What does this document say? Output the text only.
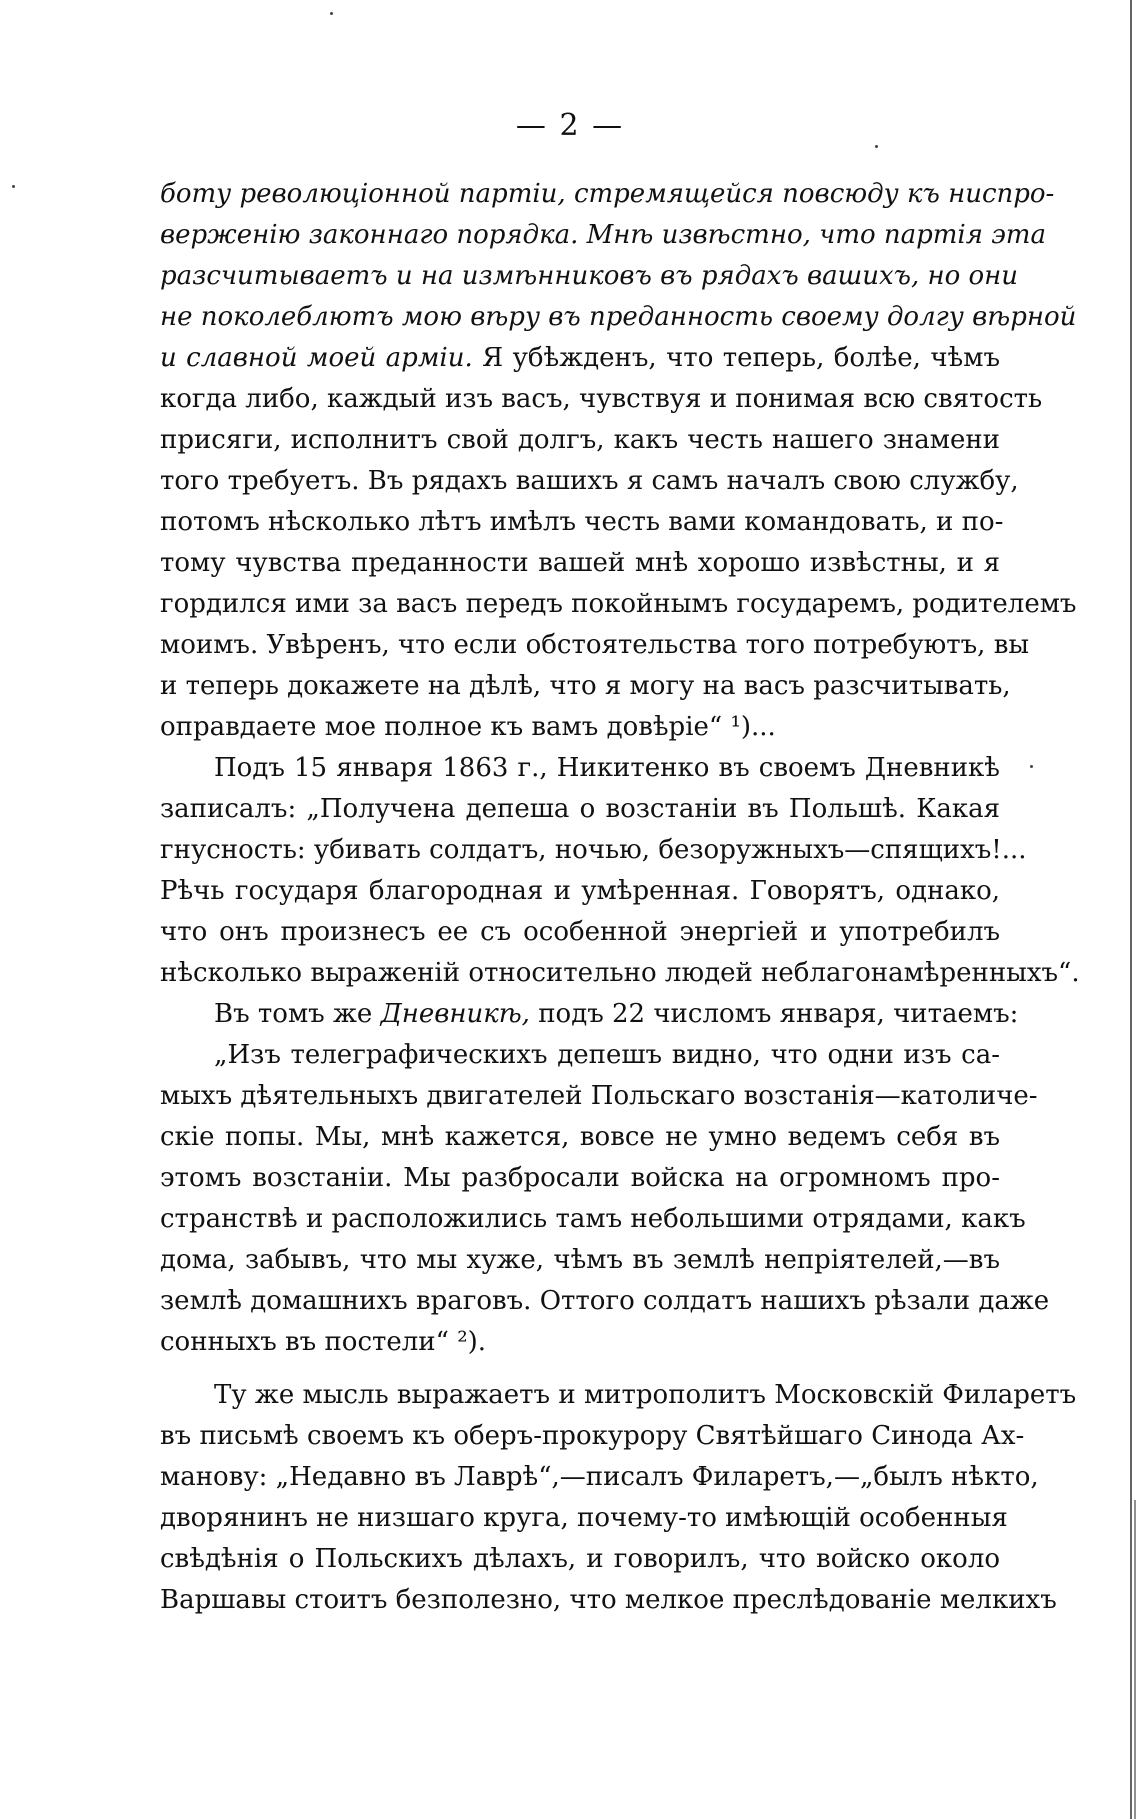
— 2 —
боту революціонной партіи, стремящейся повсюду къ ниспро-
верженію законнаго порядка. Мнѣ извѣстно, что партія эта
разсчитываетъ и на измѣнниковъ въ рядахъ вашихъ, но они
не поколеблютъ мою вѣру въ преданность своему долгу вѣрной
и славной моей арміи. Я убѣжденъ, что теперь, болѣе, чѣмъ
когда либо, каждый изъ васъ, чувствуя и понимая всю святость
присяги, исполнитъ свой долгъ, какъ честь нашего знамени
того требуетъ. Въ рядахъ вашихъ я самъ началъ свою службу,
потомъ нѣсколько лѣтъ имѣлъ честь вами командовать, и по-
тому чувства преданности вашей мнѣ хорошо извѣстны, и я
гордился ими за васъ передъ покойнымъ государемъ, родителемъ
моимъ. Увѣренъ, что если обстоятельства того потребуютъ, вы
и теперь докажете на дѣлѣ, что я могу на васъ разсчитывать,
оправдаете мое полное къ вамъ довѣріе“ ¹)...
Подъ 15 января 1863 г., Никитенко въ своемъ Дневникѣ
записалъ: „Получена депеша о возстаніи въ Польшѣ. Какая
гнусность: убивать солдатъ, ночью, безоружныхъ—спящихъ!...
Рѣчь государя благородная и умѣренная. Говорятъ, однако,
что онъ произнесъ ее съ особенной энергіей и употребилъ
нѣсколько выраженій относительно людей неблагонамѣренныхъ“.
Въ томъ же Дневникѣ, подъ 22 числомъ января, читаемъ:
„Изъ телеграфическихъ депешъ видно, что одни изъ са-
мыхъ дѣятельныхъ двигателей Польскаго возстанія—католиче-
скіе попы. Мы, мнѣ кажется, вовсе не умно ведемъ себя въ
этомъ возстаніи. Мы разбросали войска на огромномъ про-
странствѣ и расположились тамъ небольшими отрядами, какъ
дома, забывъ, что мы хуже, чѣмъ въ землѣ непріятелей,—въ
землѣ домашнихъ враговъ. Оттого солдатъ нашихъ рѣзали даже
сонныхъ въ постели“ ²).
Ту же мысль выражаетъ и митрополитъ Московскій Филаретъ
въ письмѣ своемъ къ оберъ-прокурору Святѣйшаго Синода Ах-
манову: „Недавно въ Лаврѣ“,—писалъ Филаретъ,—„былъ нѣкто,
дворянинъ не низшаго круга, почему-то имѣющій особенныя
свѣдѣнія о Польскихъ дѣлахъ, и говорилъ, что войско около
Варшавы стоитъ безполезно, что мелкое преслѣдованіе мелкихъ
